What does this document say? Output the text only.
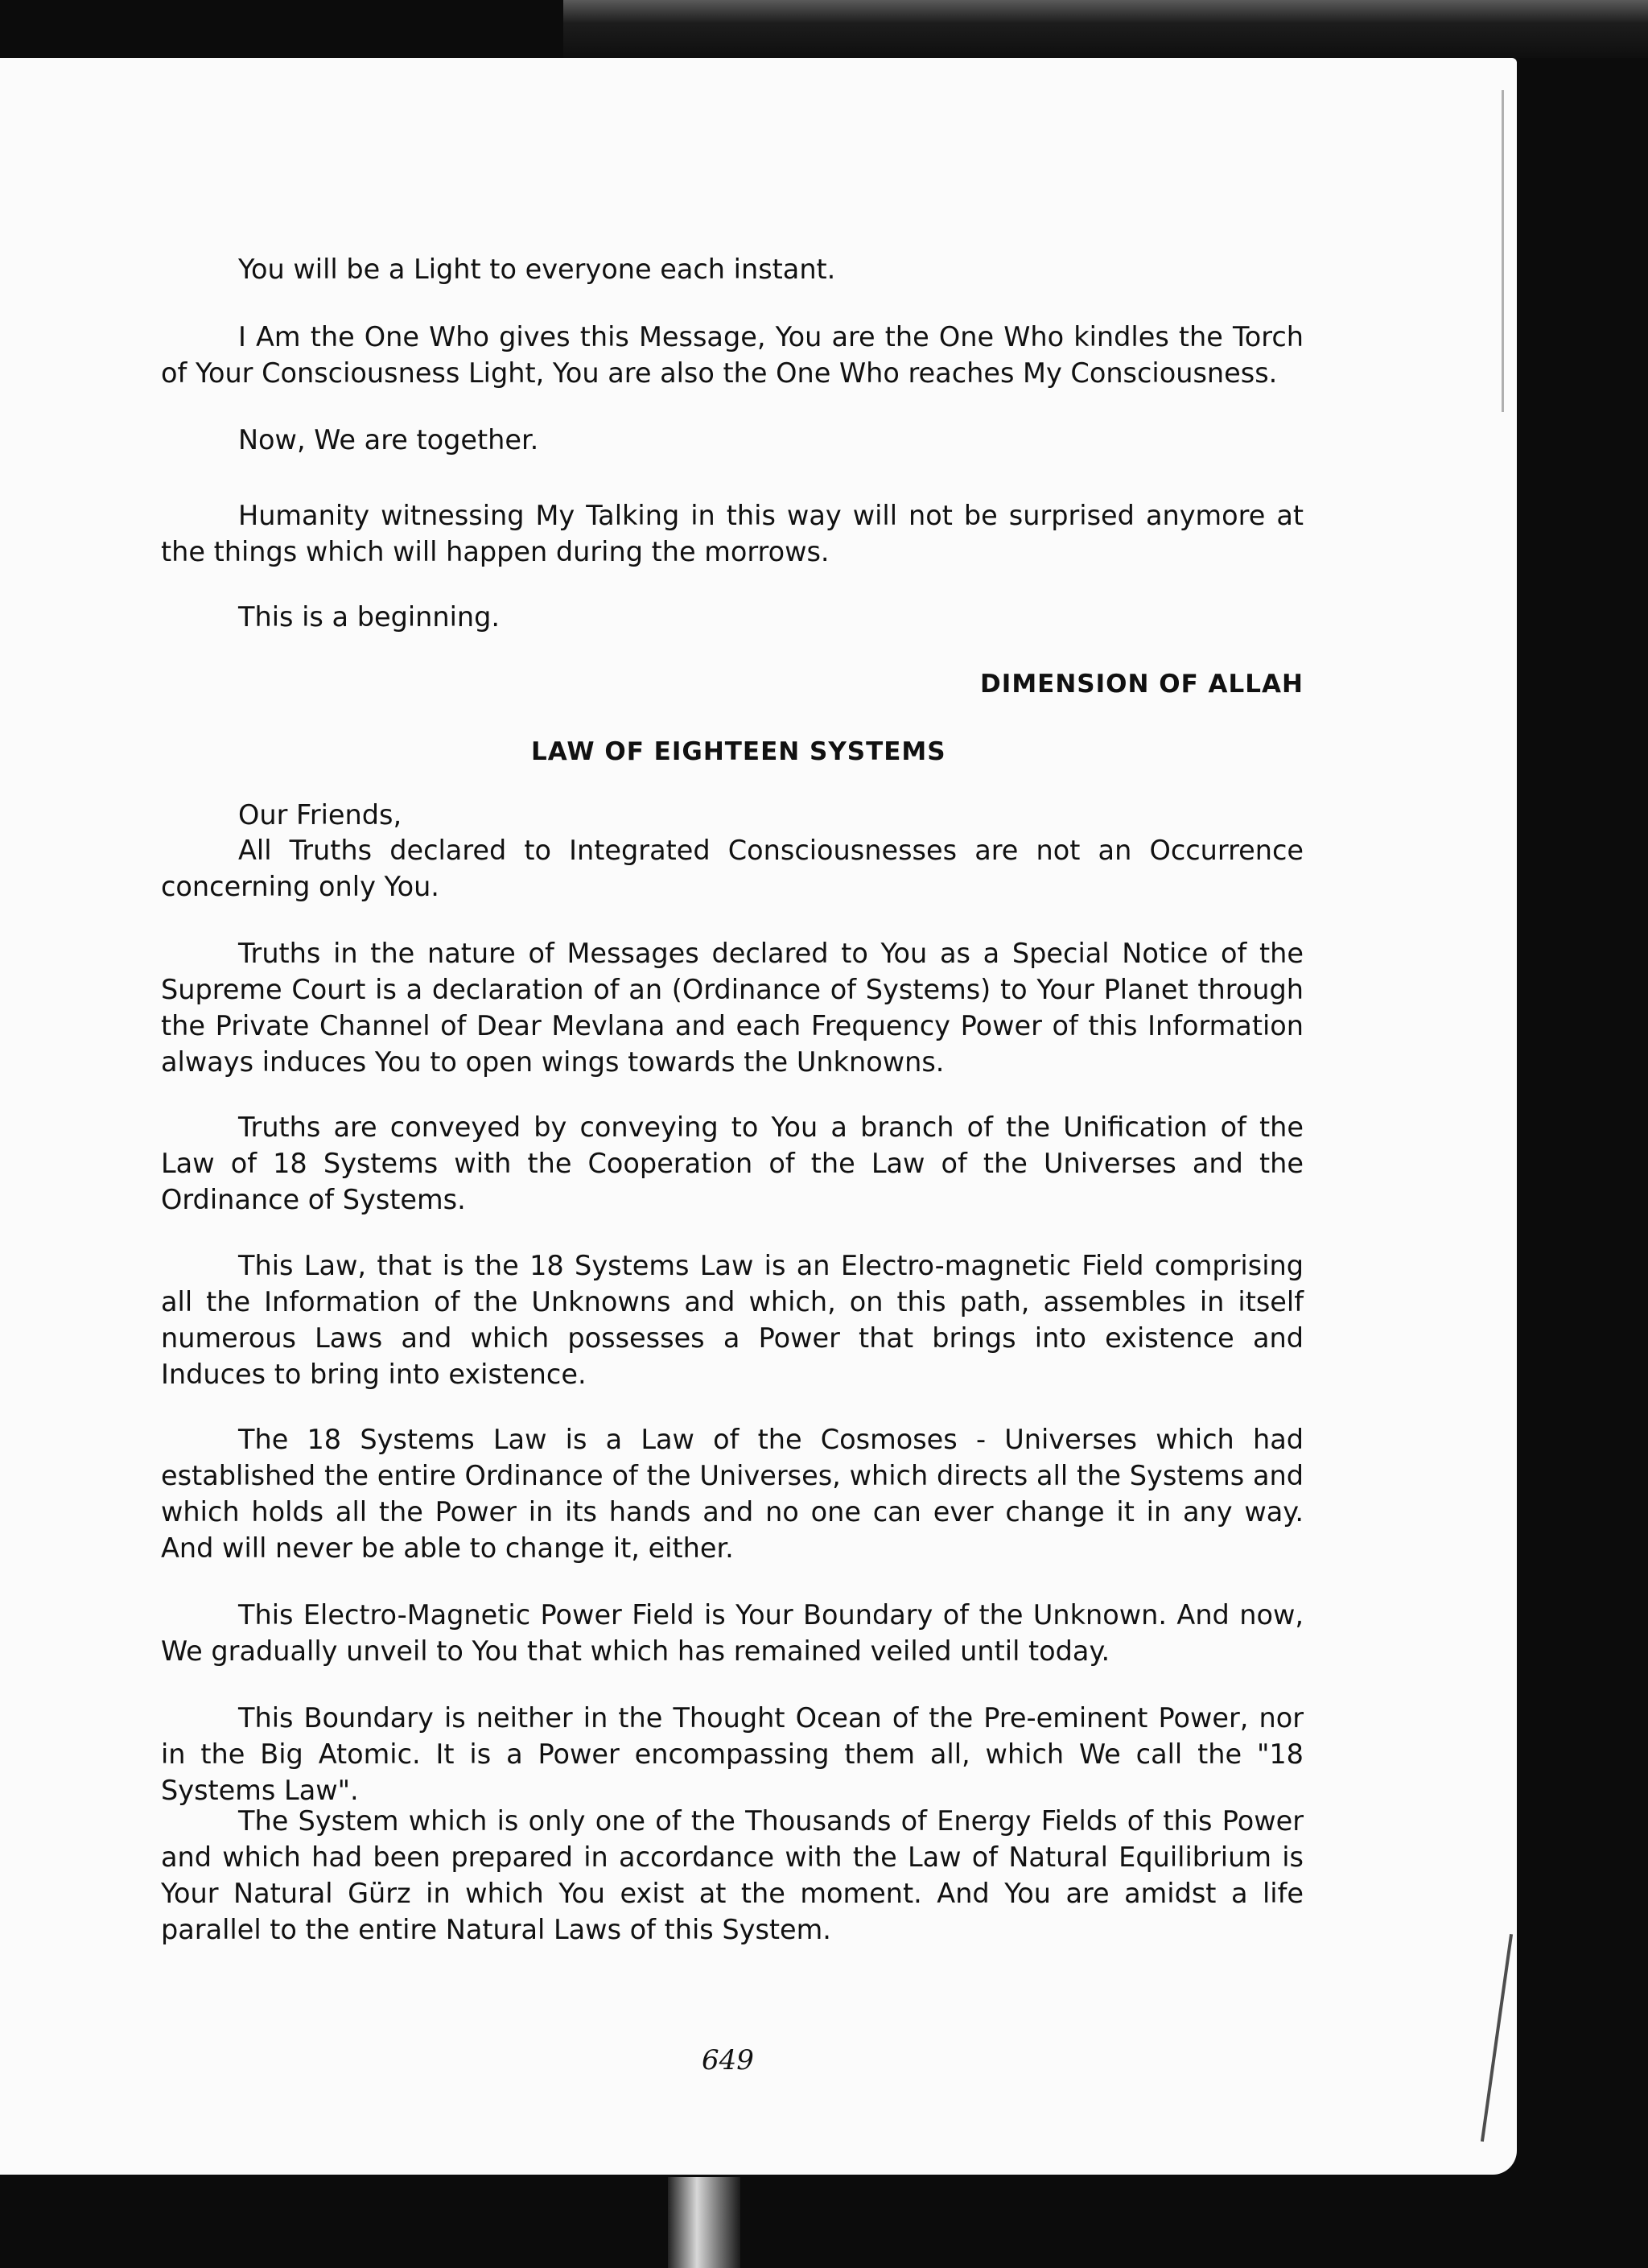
You will be a Light to everyone each instant.

I Am the One Who gives this Message, You are the One Who kindles the Torch of Your Consciousness Light, You are also the One Who reaches My Consciousness.

Now, We are together.

Humanity witnessing My Talking in this way will not be surprised anymore at the things which will happen during the morrows.

This is a beginning.

DIMENSION OF ALLAH

LAW OF EIGHTEEN SYSTEMS

Our Friends,

All Truths declared to Integrated Consciousnesses are not an Occurrence concerning only You.

Truths in the nature of Messages declared to You as a Special Notice of the Supreme Court is a declaration of an (Ordinance of Systems) to Your Planet through the Private Channel of Dear Mevlana and each Frequency Power of this Information always induces You to open wings towards the Unknowns.

Truths are conveyed by conveying to You a branch of the Unification of the Law of 18 Systems with the Cooperation of the Law of the Universes and the Ordinance of Systems.

This Law, that is the 18 Systems Law is an Electro-magnetic Field comprising all the Information of the Unknowns and which, on this path, assembles in itself numerous Laws and which possesses a Power that brings into existence and Induces to bring into existence.

The 18 Systems Law is a Law of the Cosmoses - Universes which had established the entire Ordinance of the Universes, which directs all the Systems and which holds all the Power in its hands and no one can ever change it in any way. And will never be able to change it, either.

This Electro-Magnetic Power Field is Your Boundary of the Unknown. And now, We gradually unveil to You that which has remained veiled until today.

This Boundary is neither in the Thought Ocean of the Pre-eminent Power, nor in the Big Atomic. It is a Power encompassing them all, which We call the "18 Systems Law".

The System which is only one of the Thousands of Energy Fields of this Power and which had been prepared in accordance with the Law of Natural Equilibrium is Your Natural Gürz in which You exist at the moment. And You are amidst a life parallel to the entire Natural Laws of this System.

649
